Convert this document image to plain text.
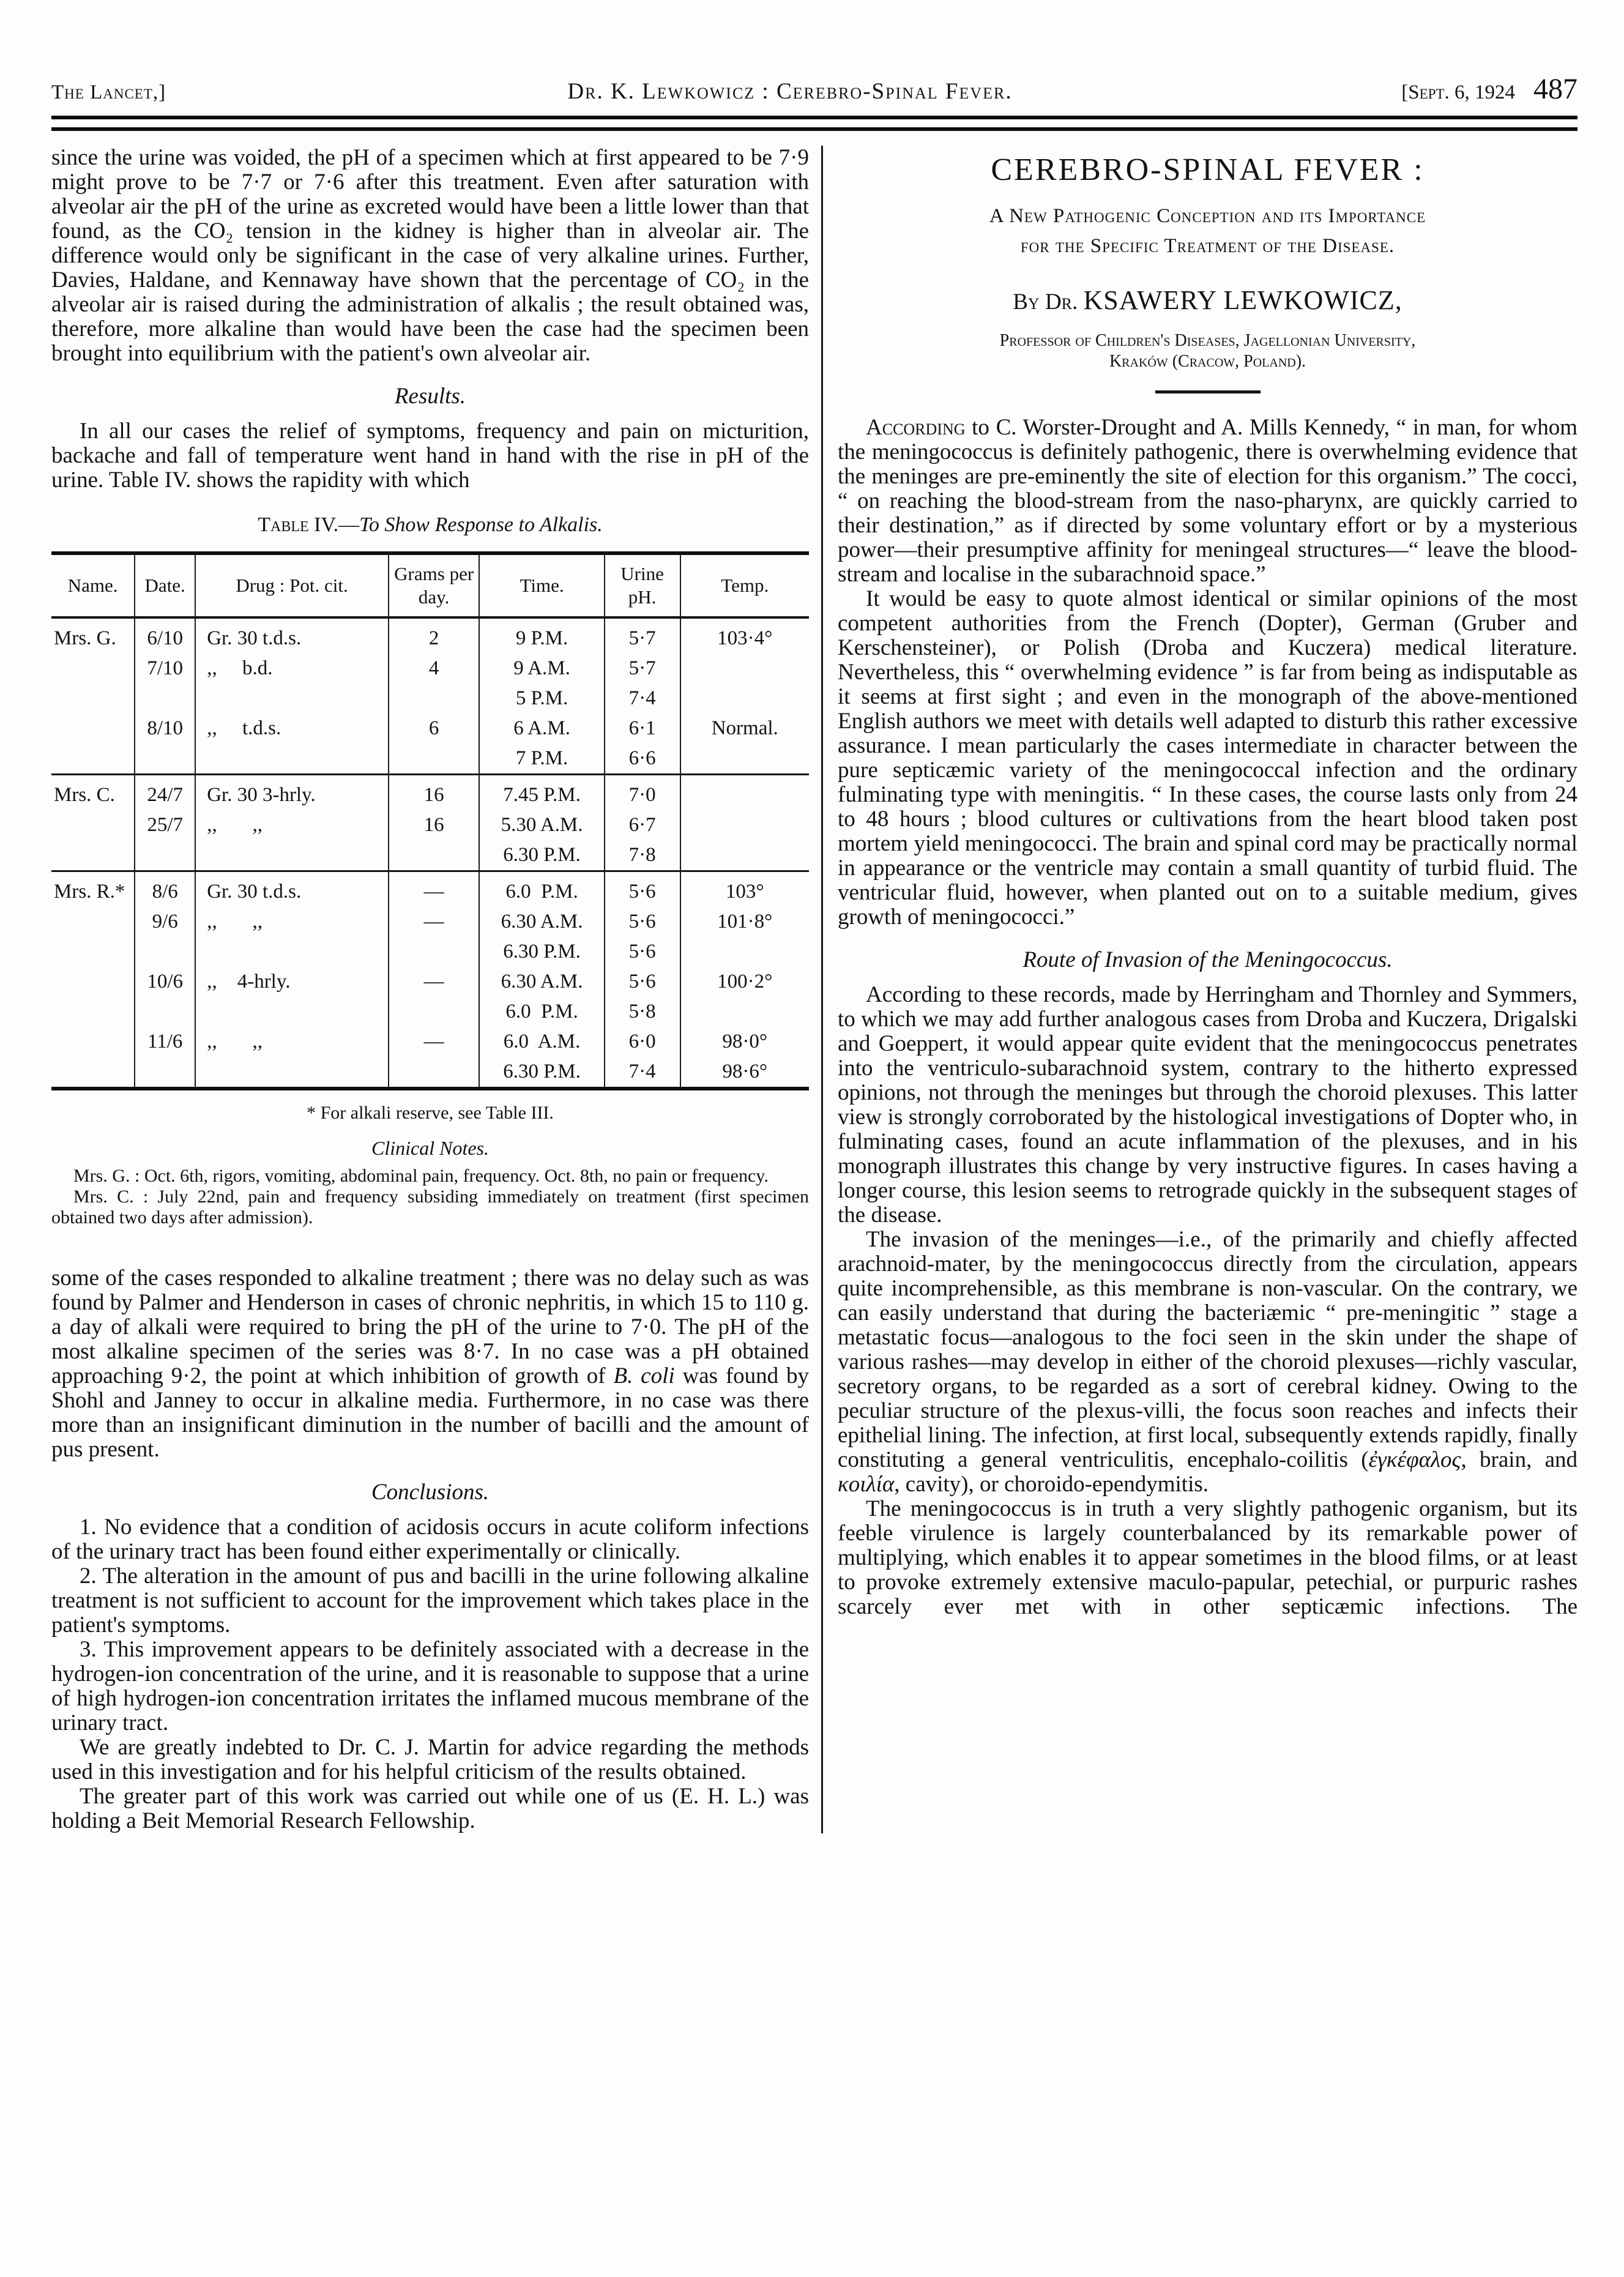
The Lancet,]	Dr. K. Lewkowicz : Cerebro-Spinal Fever.	[Sept. 6, 1924 487

since the urine was voided, the pH of a specimen which at first appeared to be 7·9 might prove to be 7·7 or 7·6 after this treatment. Even after saturation with alveolar air the pH of the urine as excreted would have been a little lower than that found, as the CO₂ tension in the kidney is higher than in alveolar air. The difference would only be significant in the case of very alkaline urines. Further, Davies, Haldane, and Kennaway have shown that the percentage of CO₂ in the alveolar air is raised during the administration of alkalis ; the result obtained was, therefore, more alkaline than would have been the case had the specimen been brought into equilibrium with the patient's own alveolar air.

Results.

In all our cases the relief of symptoms, frequency and pain on micturition, backache and fall of temperature went hand in hand with the rise in pH of the urine. Table IV. shows the rapidity with which

Table IV.—To Show Response to Alkalis.
Name.	Date.	Drug : Pot. cit.	Grams per day.	Time.	Urine pH.	Temp.
Mrs. G.	6/10	Gr. 30 t.d.s.	2	9 P.M.	5·7	103·4°
	7/10	,,     b.d.	4	9 A.M.	5·7	
				5 P.M.	7·4	
	8/10	,,     t.d.s.	6	6 A.M.	6·1	Normal.
				7 P.M.	6·6	
Mrs. C.	24/7	Gr. 30 3-hrly.	16	7.45 P.M.	7·0	
	25/7	,,       ,,	16	5.30 A.M.	6·7	
				6.30 P.M.	7·8	
Mrs. R.*	8/6	Gr. 30 t.d.s.	—	6.0  P.M.	5·6	103°
	9/6	,,       ,,	—	6.30 A.M.	5·6	101·8°
				6.30 P.M.	5·6	
	10/6	,,    4-hrly.	—	6.30 A.M.	5·6	100·2°
				6.0  P.M.	5·8	
	11/6	,,       ,,	—	6.0  A.M.	6·0	98·0°
				6.30 P.M.	7·4	98·6°

* For alkali reserve, see Table III.

Clinical Notes.

Mrs. G. : Oct. 6th, rigors, vomiting, abdominal pain, frequency. Oct. 8th, no pain or frequency.

Mrs. C. : July 22nd, pain and frequency subsiding immediately on treatment (first specimen obtained two days after admission).

some of the cases responded to alkaline treatment ; there was no delay such as was found by Palmer and Henderson in cases of chronic nephritis, in which 15 to 110 g. a day of alkali were required to bring the pH of the urine to 7·0. The pH of the most alkaline specimen of the series was 8·7. In no case was a pH obtained approaching 9·2, the point at which inhibition of growth of B. coli was found by Shohl and Janney to occur in alkaline media. Furthermore, in no case was there more than an insignificant diminution in the number of bacilli and the amount of pus present.

Conclusions.

1. No evidence that a condition of acidosis occurs in acute coliform infections of the urinary tract has been found either experimentally or clinically.

2. The alteration in the amount of pus and bacilli in the urine following alkaline treatment is not sufficient to account for the improvement which takes place in the patient's symptoms.

3. This improvement appears to be definitely associated with a decrease in the hydrogen-ion concentration of the urine, and it is reasonable to suppose that a urine of high hydrogen-ion concentration irritates the inflamed mucous membrane of the urinary tract.

We are greatly indebted to Dr. C. J. Martin for advice regarding the methods used in this investigation and for his helpful criticism of the results obtained.

The greater part of this work was carried out while one of us (E. H. L.) was holding a Beit Memorial Research Fellowship.

CEREBRO-SPINAL FEVER :
A New Pathogenic Conception and its Importance
for the Specific Treatment of the Disease.
By Dr. KSAWERY LEWKOWICZ,
Professor of Children's Diseases, Jagellonian University,
Kraków (Cracow, Poland).

According to C. Worster-Drought and A. Mills Kennedy, “ in man, for whom the meningococcus is definitely pathogenic, there is overwhelming evidence that the meninges are pre-eminently the site of election for this organism.” The cocci, “ on reaching the blood-stream from the naso-pharynx, are quickly carried to their destination,” as if directed by some voluntary effort or by a mysterious power—their presumptive affinity for meningeal structures—“ leave the blood-stream and localise in the subarachnoid space.”

It would be easy to quote almost identical or similar opinions of the most competent authorities from the French (Dopter), German (Gruber and Kerschensteiner), or Polish (Droba and Kuczera) medical literature. Nevertheless, this “ overwhelming evidence ” is far from being as indisputable as it seems at first sight ; and even in the monograph of the above-mentioned English authors we meet with details well adapted to disturb this rather excessive assurance. I mean particularly the cases intermediate in character between the pure septicæmic variety of the meningococcal infection and the ordinary fulminating type with meningitis. “ In these cases, the course lasts only from 24 to 48 hours ; blood cultures or cultivations from the heart blood taken post mortem yield meningococci. The brain and spinal cord may be practically normal in appearance or the ventricle may contain a small quantity of turbid fluid. The ventricular fluid, however, when planted out on to a suitable medium, gives growth of meningococci.”

Route of Invasion of the Meningococcus.

According to these records, made by Herringham and Thornley and Symmers, to which we may add further analogous cases from Droba and Kuczera, Drigalski and Goeppert, it would appear quite evident that the meningococcus penetrates into the ventriculo-subarachnoid system, contrary to the hitherto expressed opinions, not through the meninges but through the choroid plexuses. This latter view is strongly corroborated by the histological investigations of Dopter who, in fulminating cases, found an acute inflammation of the plexuses, and in his monograph illustrates this change by very instructive figures. In cases having a longer course, this lesion seems to retrograde quickly in the subsequent stages of the disease.

The invasion of the meninges—i.e., of the primarily and chiefly affected arachnoid-mater, by the meningococcus directly from the circulation, appears quite incomprehensible, as this membrane is non-vascular. On the contrary, we can easily understand that during the bacteriæmic “ pre-meningitic ” stage a metastatic focus—analogous to the foci seen in the skin under the shape of various rashes—may develop in either of the choroid plexuses—richly vascular, secretory organs, to be regarded as a sort of cerebral kidney. Owing to the peculiar structure of the plexus-villi, the focus soon reaches and infects their epithelial lining. The infection, at first local, subsequently extends rapidly, finally constituting a general ventriculitis, encephalo-coilitis (ἐγκέφαλος, brain, and κοιλία, cavity), or choroido-ependymitis.

The meningococcus is in truth a very slightly pathogenic organism, but its feeble virulence is largely counterbalanced by its remarkable power of multiplying, which enables it to appear sometimes in the blood films, or at least to provoke extremely extensive maculo-papular, petechial, or purpuric rashes scarcely ever met with in other septicæmic infections. The
